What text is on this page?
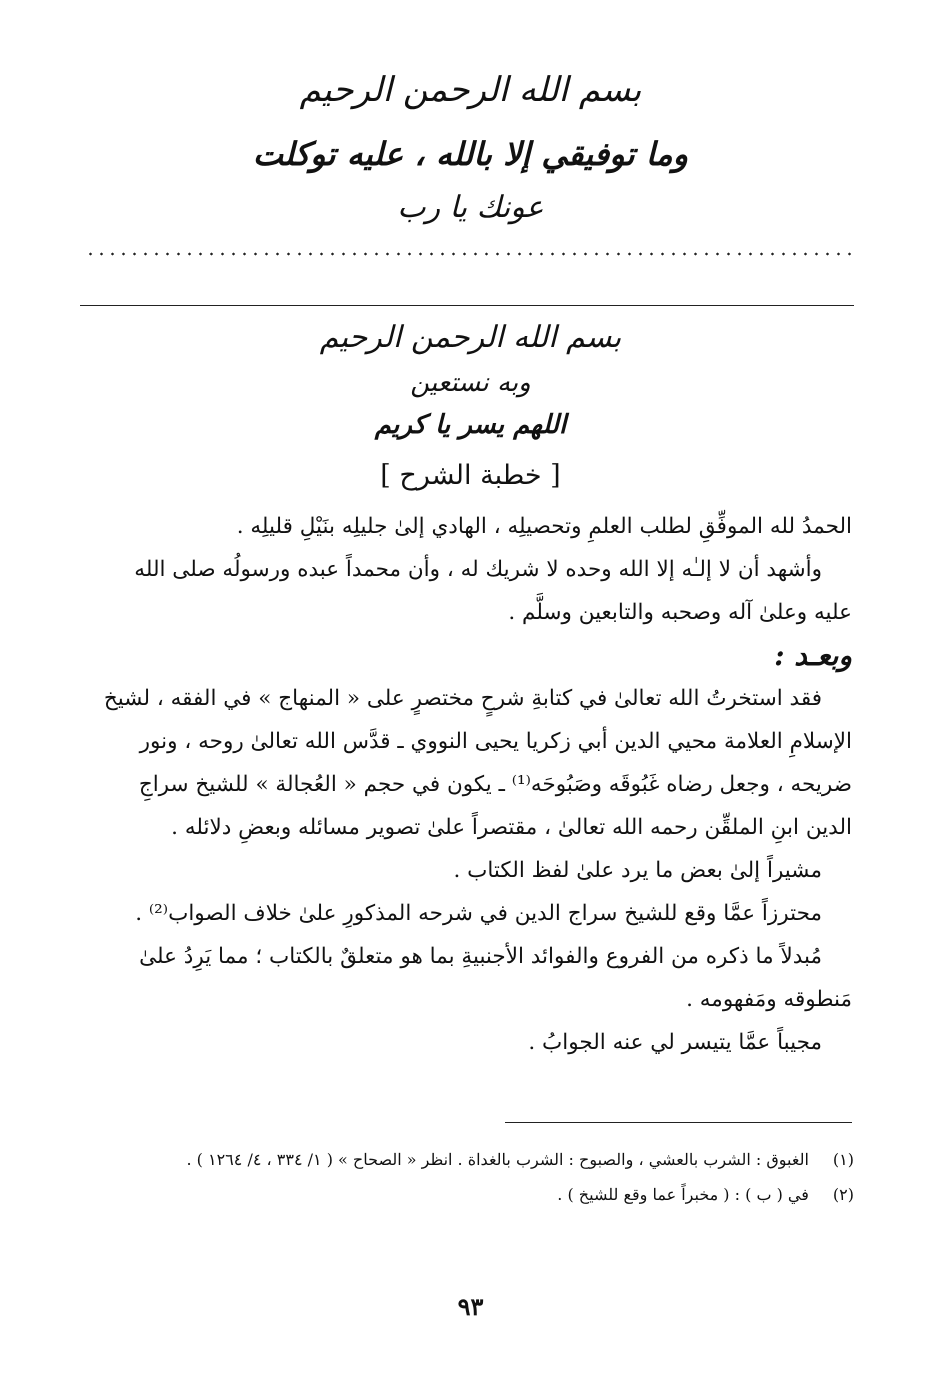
بسم الله الرحمن الرحيم
وما توفيقي إلا بالله ، عليه توكلت
عونك يا رب
بسم الله الرحمن الرحيم
وبه نستعين
اللهم يسر يا كريم
[ خطبة الشرح ]
الحمدُ لله الموفِّقِ لطلب العلمِ وتحصيلِه ، الهادي إلىٰ جليلِه بنَيْلِ قليلِه .
وأشهد أن لا إلـٰه إلا الله وحده لا شريك له ، وأن محمداً عبده ورسولُه صلى الله
عليه وعلىٰ آله وصحبه والتابعين وسلَّم .
وبعـد :
فقد استخرتُ الله تعالىٰ في كتابةِ شرحٍ مختصرٍ على « المنهاج » في الفقه ، لشيخ
الإسلامِ العلامة محيي الدين أبي زكريا يحيى النووي ـ قدَّس الله تعالىٰ روحه ، ونور
ضريحه ، وجعل رضاه غَبُوقَه وصَبُوحَه⁽¹⁾ ـ يكون في حجم « العُجالة » للشيخ سراجِ
الدين ابنِ الملقِّن رحمه الله تعالىٰ ، مقتصراً علىٰ تصوير مسائله وبعضِ دلائله .
مشيراً إلىٰ بعض ما يرد علىٰ لفظ الكتاب .
محترزاً عمَّا وقع للشيخ سراج الدين في شرحه المذكورِ علىٰ خلاف الصواب⁽²⁾ .
مُبدلاً ما ذكره من الفروع والفوائد الأجنبيةِ بما هو متعلقٌ بالكتاب ؛ مما يَرِدُ علىٰ
مَنطوقه ومَفهومه .
مجيباً عمَّا يتيسر لي عنه الجوابُ .
(١) الغبوق : الشرب بالعشي ، والصبوح : الشرب بالغداة . انظر « الصحاح » ( ١/ ٣٣٤ ، ٤/ ١٢٦٤ ) .
(٢) في ( ب ) : ( مخبراً عما وقع للشيخ ) .
٩٣
